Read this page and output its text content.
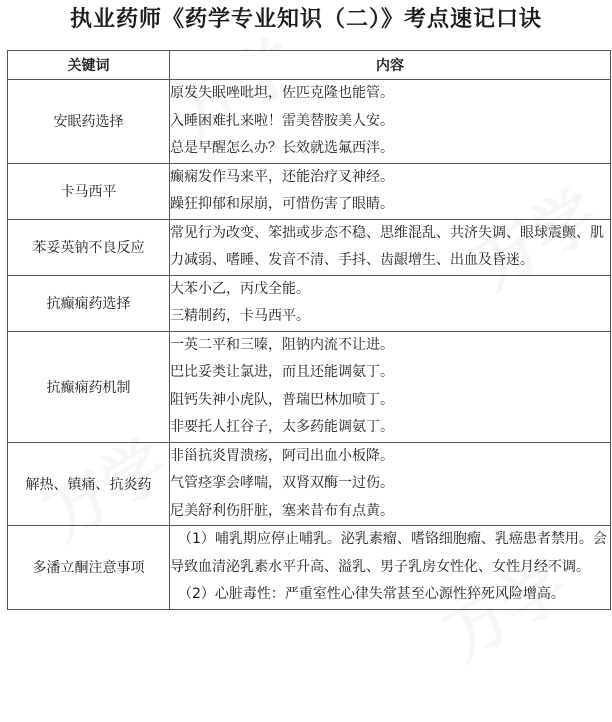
执业药师《药学专业知识（二）》考点速记口诀
关键词	内容
安眠药选择	原发失眠唑吡坦，佐匹克隆也能管。
入睡困难扎来啦！雷美替胺美人安。
总是早醒怎么办？长效就选氟西泮。

卡马西平	癫痫发作马来平，还能治疗叉神经。
躁狂抑郁和尿崩，可惜伤害了眼睛。

苯妥英钠不良反应	常见行为改变、笨拙或步态不稳、思维混乱、共济失调、眼球震颤、肌力减弱、嗜睡、发音不清、手抖、齿龈增生、出血及昏迷。

抗癫痫药选择	大苯小乙，丙戊全能。
三精制药，卡马西平。

抗癫痫药机制	一英二平和三嗪，阻钠内流不让进。
巴比妥类让氯进，而且还能调氨丁。
阻钙失神小虎队，普瑞巴林加喷丁。
非要托人扛谷子，太多药能调氨丁。

解热、镇痛、抗炎药	非甾抗炎胃溃疡，阿司出血小板降。
气管痉挛会哮喘，双肾双酶一过伤。
尼美舒利伤肝脏，塞来昔布有点黄。

多潘立酮注意事项	（1）哺乳期应停止哺乳。泌乳素瘤、嗜铬细胞瘤、乳癌患者禁用。会导致血清泌乳素水平升高、溢乳、男子乳房女性化、女性月经不调。
（2）心脏毒性：严重室性心律失常甚至心源性猝死风险增高。
